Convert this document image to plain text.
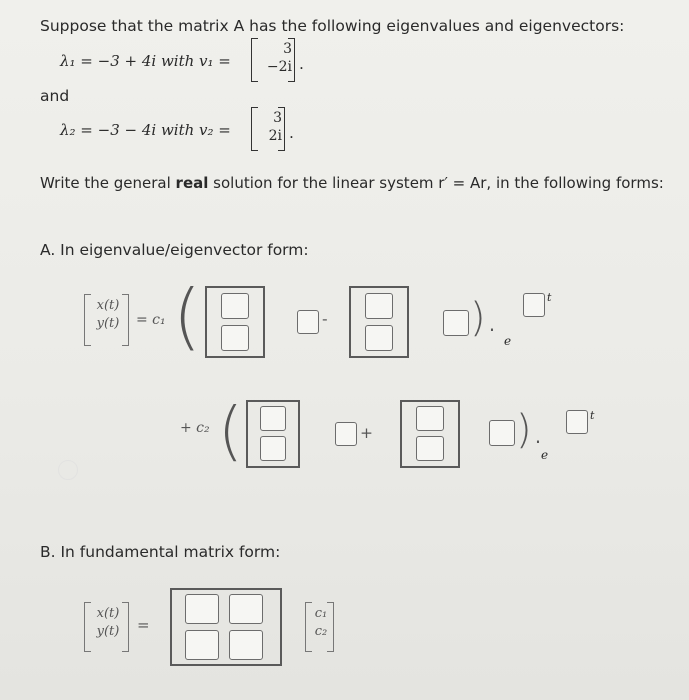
Suppose that the matrix A has the following eigenvalues and eigenvectors:
λ₁ = −3 + 4i with v₁ =
3
−2i .
and
λ₂ = −3 − 4i with v₂ =
3
2i .
Write the general real solution for the linear system r′ = Ar, in the following forms:
A. In eigenvalue/eigenvector form:
x(t)
y(t) = c₁ (	-	). e
t
+ c₂ (	+	).
e
t
B. In fundamental matrix form:
x(t)
y(t) =
c₁
c₂
